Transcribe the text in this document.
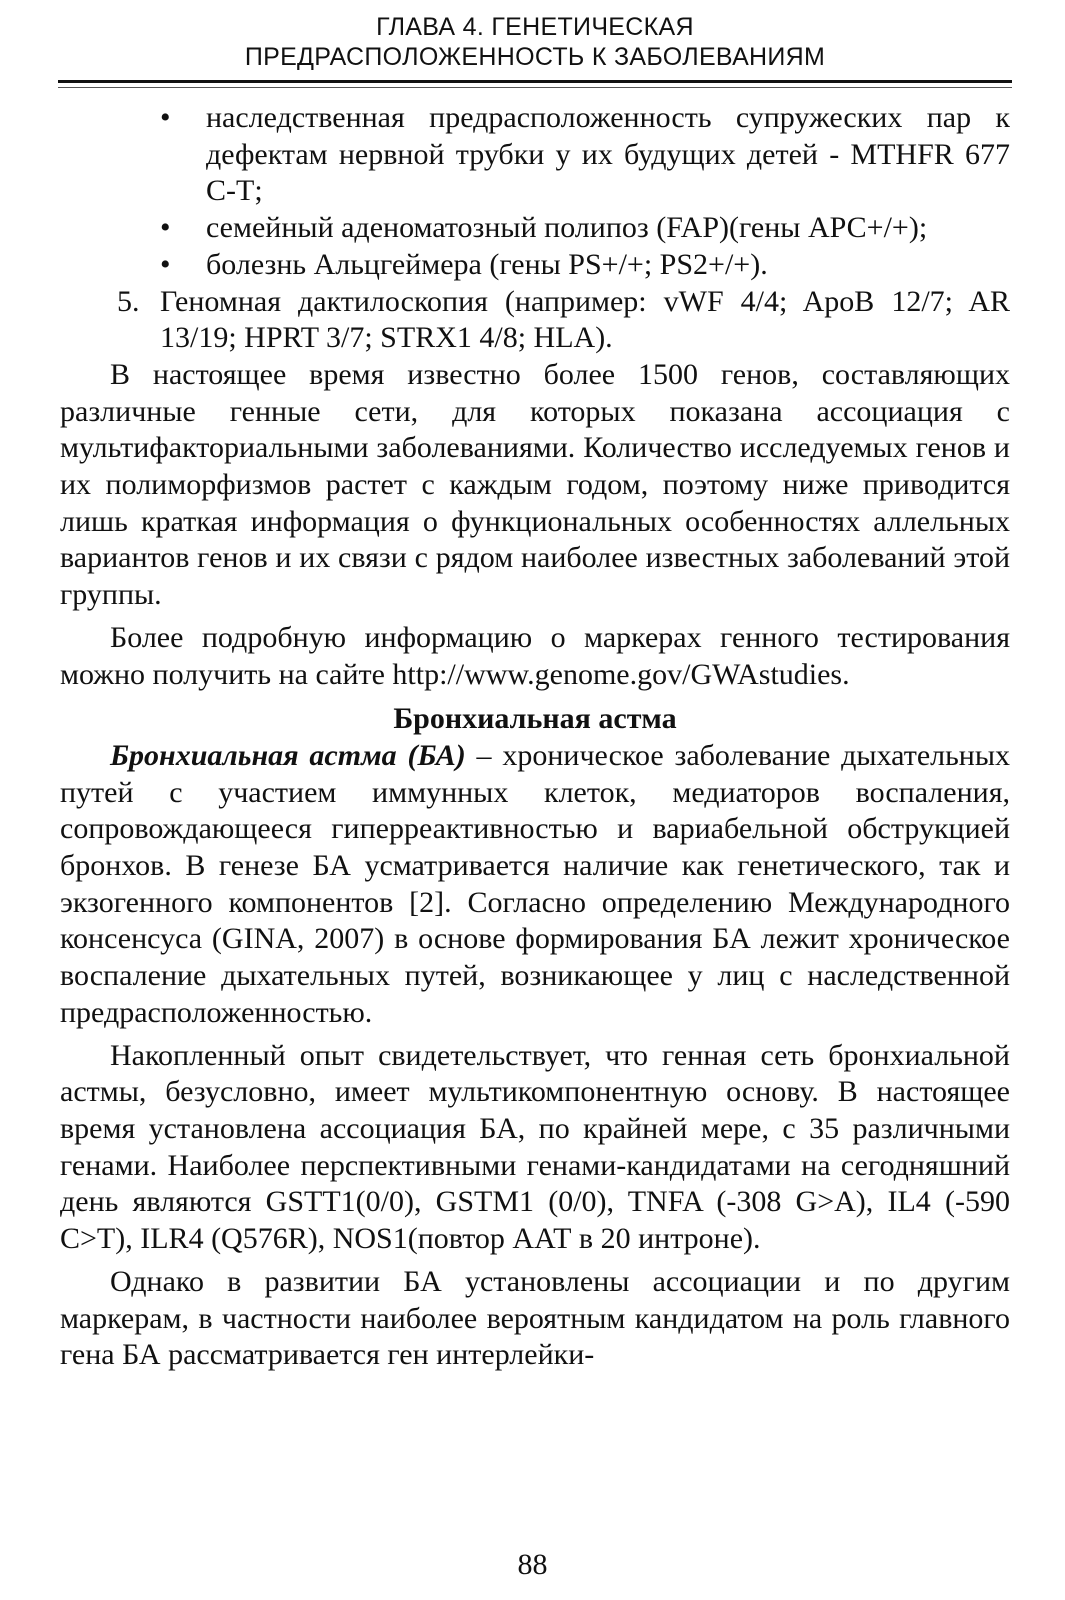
ГЛАВА 4. ГЕНЕТИЧЕСКАЯ
ПРЕДРАСПОЛОЖЕННОСТЬ К ЗАБОЛЕВАНИЯМ
• наследственная предрасположенность супружеских пар к дефектам нервной трубки у их будущих детей - MTHFR 677 С-Т;
• семейный аденоматозный полипоз (FAP)(гены АРС+/+);
• болезнь Альцгеймера (гены PS+/+; PS2+/+).
5. Геномная дактилоскопия (например: vWF 4/4; ApoB 12/7; AR 13/19; HPRT 3/7; STRX1 4/8; HLA).

В настоящее время известно более 1500 генов, составляющих различные генные сети, для которых показана ассоциация с мультифакториальными заболеваниями. Количество исследуемых генов и их полиморфизмов растет с каждым годом, поэтому ниже приводится лишь краткая информация о функциональных особенностях аллельных вариантов генов и их связи с рядом наиболее известных заболеваний этой группы.

Более подробную информацию о маркерах генного тестирования можно получить на сайте http://www.genome.gov/GWAstudies.

Бронхиальная астма

Бронхиальная астма (БА) – хроническое заболевание дыхательных путей с участием иммунных клеток, медиаторов воспаления, сопровождающееся гиперреактивностью и вариабельной обструкцией бронхов. В генезе БА усматривается наличие как генетического, так и экзогенного компонентов [2]. Согласно определению Международного консенсуса (GINA, 2007) в основе формирования БА лежит хроническое воспаление дыхательных путей, возникающее у лиц с наследственной предрасположенностью.

Накопленный опыт свидетельствует, что генная сеть бронхиальной астмы, безусловно, имеет мультикомпонентную основу. В настоящее время установлена ассоциация БА, по крайней мере, с 35 различными генами. Наиболее перспективными генами-кандидатами на сегодняшний день являются GSTT1(0/0), GSTM1 (0/0), TNFA (-308 G>A), IL4 (-590 C>T), ILR4 (Q576R), NOS1(повтор ААТ в 20 интроне).

Однако в развитии БА установлены ассоциации и по другим маркерам, в частности наиболее вероятным кандидатом на роль главного гена БА рассматривается ген интерлейки-

88
